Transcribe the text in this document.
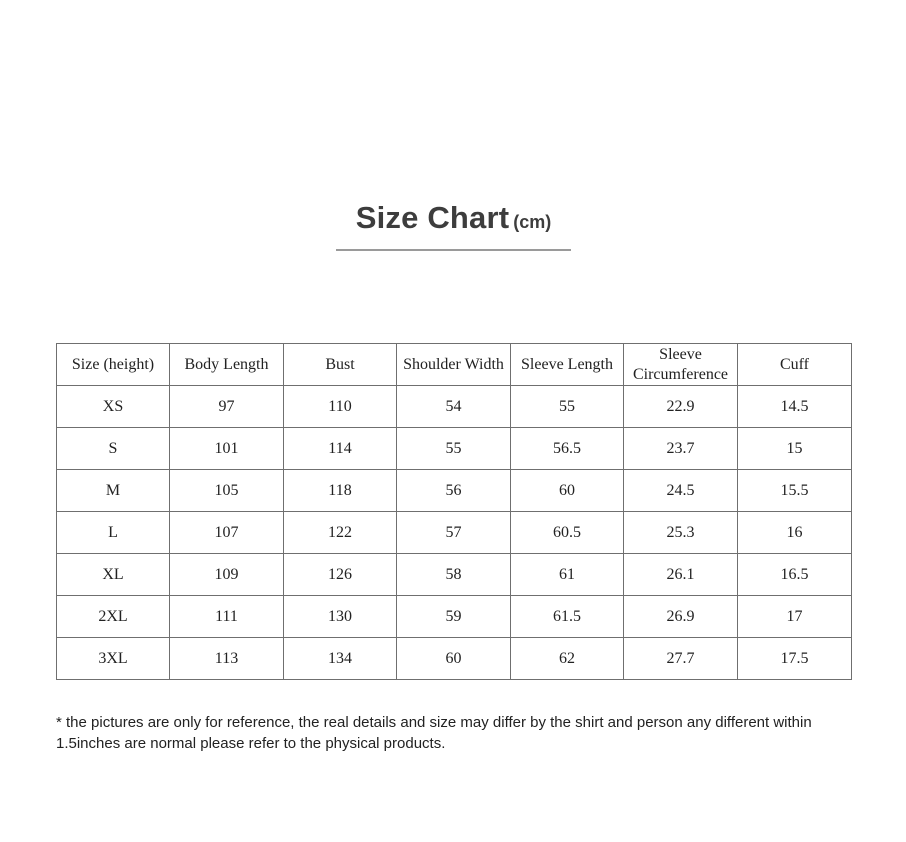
Size Chart (cm)
Size (height)	Body Length	Bust	Shoulder Width	Sleeve Length	Sleeve Circumference	Cuff
XS	97	110	54	55	22.9	14.5
S	101	114	55	56.5	23.7	15
M	105	118	56	60	24.5	15.5
L	107	122	57	60.5	25.3	16
XL	109	126	58	61	26.1	16.5
2XL	111	130	59	61.5	26.9	17
3XL	113	134	60	62	27.7	17.5
* the pictures are only for reference, the real details and size may differ by the shirt and person any different within
1.5inches are normal please refer to the physical products.
